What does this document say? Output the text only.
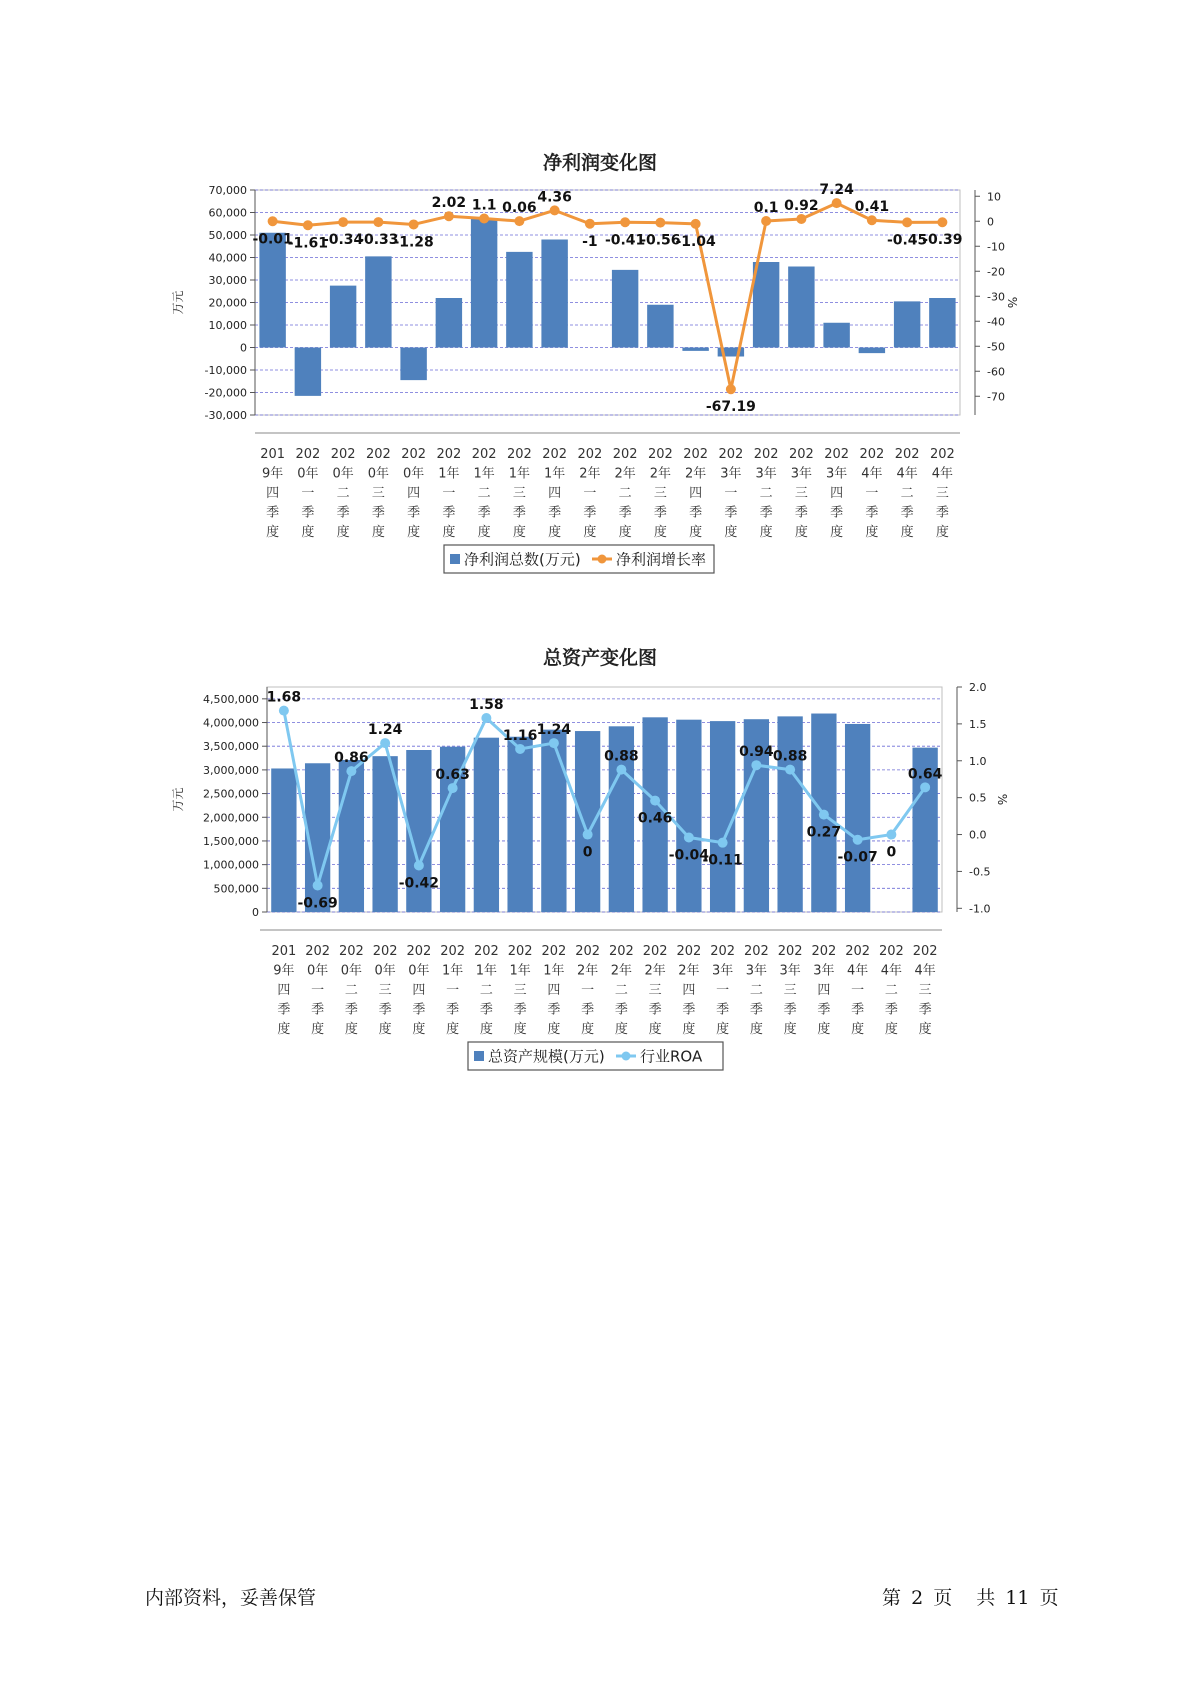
净利润变化图
70,000
60,000
50,000
40,000
30,000
20,000
10,000
0
-10,000
-20,000
-30,000
10
0
-10
-20
-30
-40
-50
-60
-70
万元	%
-0.01
-1.61
-0.34
-0.33
-1.28
2.02 1.1 0.06
4.36
-1 -0.41
-0.56
-1.04
-67.19
0.1 0.92
7.24
0.41
-0.45
-0.39
201
9年
四
季
度
202
0年
一
季
度
202
0年
二
季
度
202
0年
三
季
度
202
0年
四
季
度
202
1年
一
季
度
202
1年
二
季
度
202
1年
三
季
度
202
1年
四
季
度
202
2年
一
季
度
202
2年
二
季
度
202
2年
三
季
度
202
2年
四
季
度
202
3年
一
季
度
202
3年
二
季
度
202
3年
三
季
度
202
3年
四
季
度
202
4年
一
季
度
202
4年
二
季
度
202
4年
三
季
度
净利润总数(万元) 净利润增长率
总资产变化图
4,500,000
4,000,000
3,500,000
3,000,000
2,500,000
2,000,000
1,500,000
1,000,000
500,000
0
2.0
1.5
1.0
0.5
0.0
-0.5
-1.0
万元	%
1.68
-0.69
0.86
1.24
-0.42
0.63
1.58
1.16 1.24
0
0.88
0.46
-0.04
-0.11
0.94 0.88
0.27
-0.07 0
0.64
201
9年
四
季
度
202
0年
一
季
度
202
0年
二
季
度
202
0年
三
季
度
202
0年
四
季
度
202
1年
一
季
度
202
1年
二
季
度
202
1年
三
季
度
202
1年
四
季
度
202
2年
一
季
度
202
2年
二
季
度
202
2年
三
季
度
202
2年
四
季
度
202
3年
一
季
度
202
3年
二
季
度
202
3年
三
季
度
202
3年
四
季
度
202
4年
一
季
度
202
4年
二
季
度
202
4年
三
季
度
总资产规模(万元) 行业ROA
内部资料，妥善保管	第 2 页 共 11 页
